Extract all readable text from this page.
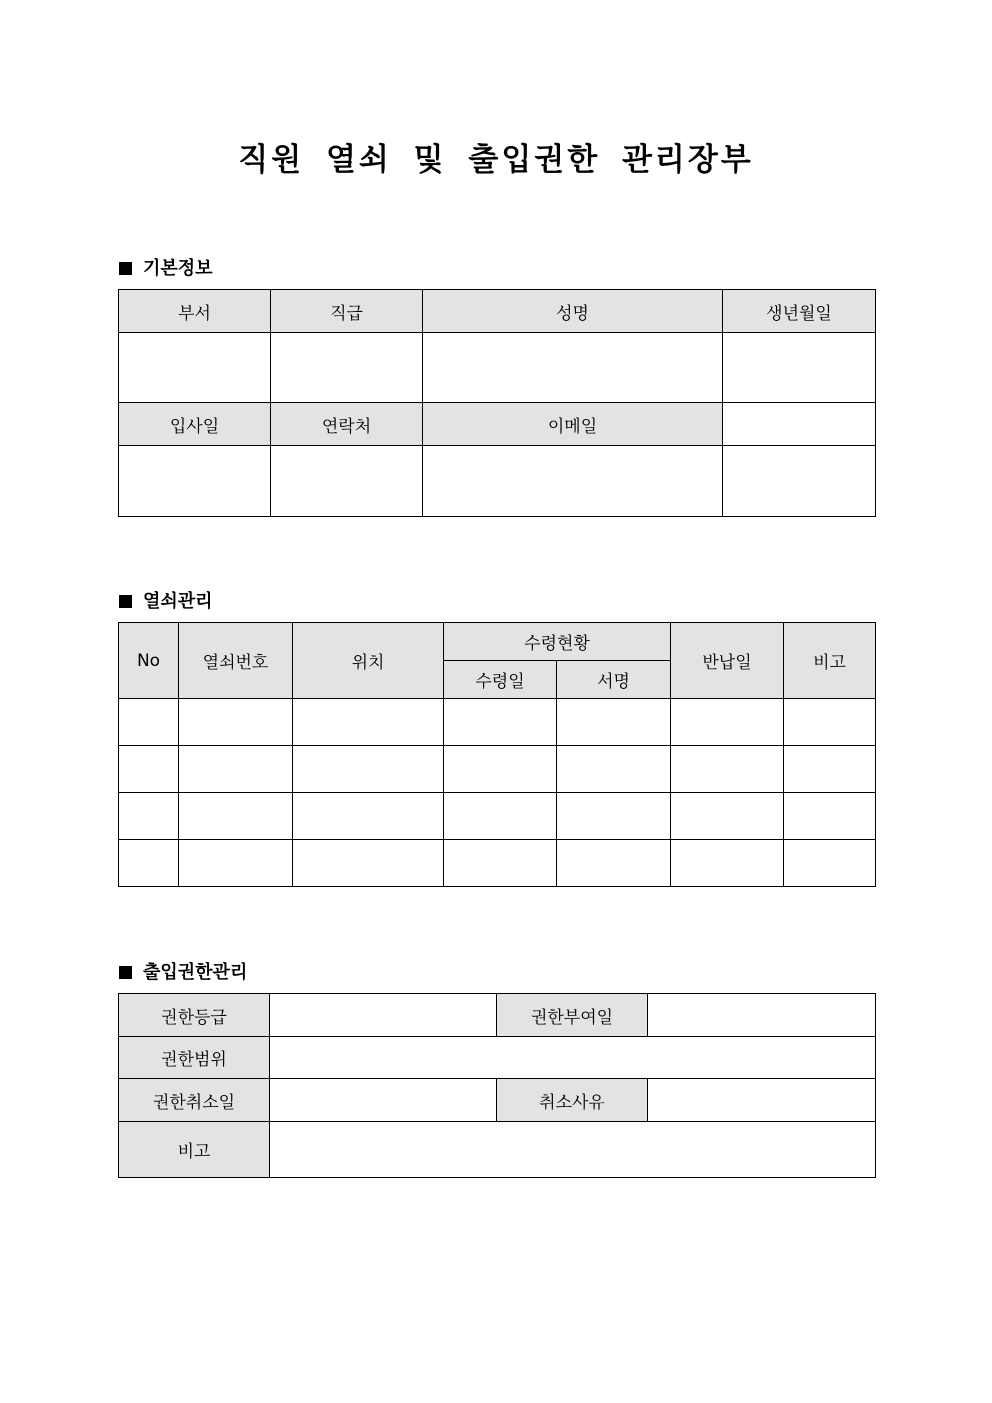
직원 열쇠 및 출입권한 관리장부
기본정보
부서	직급	성명	생년월일

입사일	연락처	이메일	

열쇠관리
No	열쇠번호	위치	수령현황		반납일	비고
			수령일	서명		

출입권한관리
권한등급		권한부여일	
권한범위			
권한취소일		취소사유	
비고			
